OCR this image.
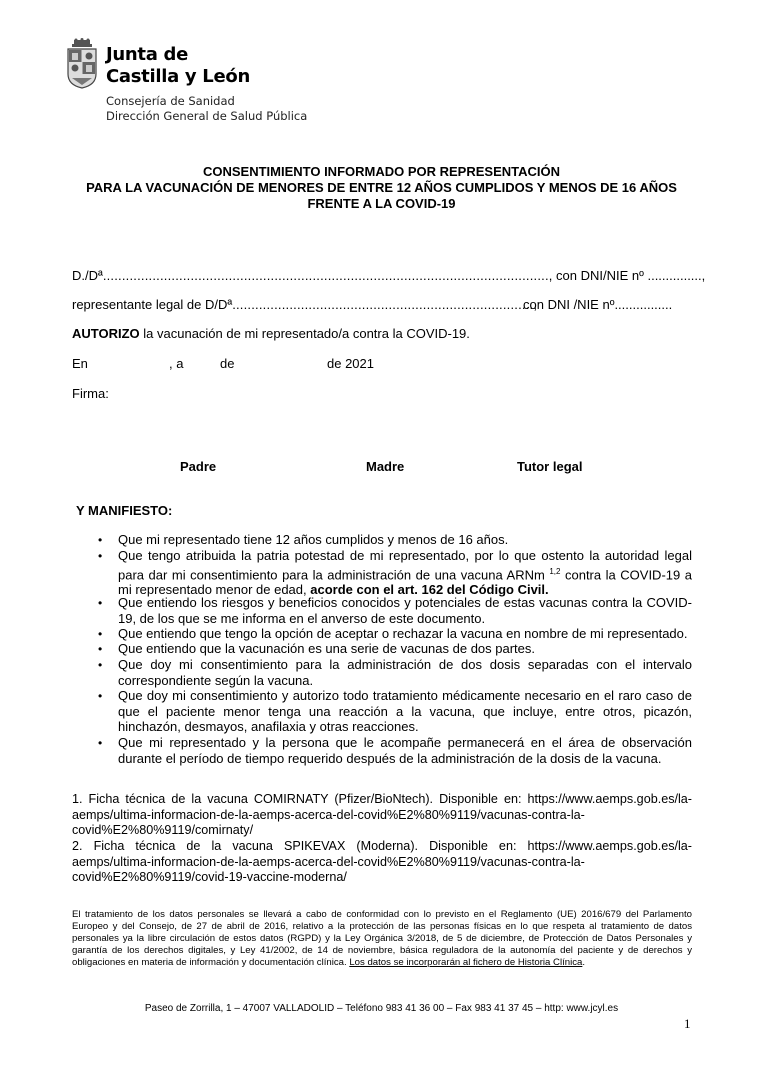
Junta de
Castilla y León
Consejería de Sanidad
Dirección General de Salud Pública
CONSENTIMIENTO INFORMADO POR REPRESENTACIÓN
PARA LA VACUNACIÓN DE MENORES DE ENTRE 12 AÑOS CUMPLIDOS Y MENOS DE 16 AÑOS
FRENTE A LA COVID-19
D./Dª....................................................................................................................., con DNI/NIE nº ...............,
representante legal de D/Dª...............................................................................,
con DNI /NIE nº................
AUTORIZO la vacunación de mi representado/a contra la COVID-19.
En	, a	de	de 2021
Firma:
Padre	Madre	Tutor legal
Y MANIFIESTO:
• Que mi representado tiene 12 años cumplidos y menos de 16 años.
• Que tengo atribuida la patria potestad de mi representado, por lo que ostento la autoridad legal para dar mi consentimiento para la administración de una vacuna ARNm $^{1,2}$ contra la COVID-19 a mi representado menor de edad, acorde con el art. 162 del Código Civil.
• Que entiendo los riesgos y beneficios conocidos y potenciales de estas vacunas contra la COVID-19, de los que se me informa en el anverso de este documento.
• Que entiendo que tengo la opción de aceptar o rechazar la vacuna en nombre de mi representado.
• Que entiendo que la vacunación es una serie de vacunas de dos partes.
• Que doy mi consentimiento para la administración de dos dosis separadas con el intervalo correspondiente según la vacuna.
• Que doy mi consentimiento y autorizo todo tratamiento médicamente necesario en el raro caso de que el paciente menor tenga una reacción a la vacuna, que incluye, entre otros, picazón, hinchazón, desmayos, anafilaxia y otras reacciones.
• Que mi representado y la persona que le acompañe permanecerá en el área de observación durante el período de tiempo requerido después de la administración de la dosis de la vacuna.
1. Ficha técnica de la vacuna COMIRNATY (Pfizer/BioNtech). Disponible en: https://www.aemps.gob.es/la-aemps/ultima-informacion-de-la-aemps-acerca-del-covid%E2%80%9119/vacunas-contra-la-covid%E2%80%9119/comirnaty/
2. Ficha técnica de la vacuna SPIKEVAX (Moderna). Disponible en: https://www.aemps.gob.es/la-aemps/ultima-informacion-de-la-aemps-acerca-del-covid%E2%80%9119/vacunas-contra-la-covid%E2%80%9119/covid-19-vaccine-moderna/
El tratamiento de los datos personales se llevará a cabo de conformidad con lo previsto en el Reglamento (UE) 2016/679 del Parlamento Europeo y del Consejo, de 27 de abril de 2016, relativo a la protección de las personas físicas en lo que respeta al tratamiento de datos personales ya la libre circulación de estos datos (RGPD) y la Ley Orgánica 3/2018, de 5 de diciembre, de Protección de Datos Personales y garantía de los derechos digitales, y Ley 41/2002, de 14 de noviembre, básica reguladora de la autonomía del paciente y de derechos y obligaciones en materia de información y documentación clínica. Los datos se incorporarán al fichero de Historia Clínica.
Paseo de Zorrilla, 1 – 47007 VALLADOLID – Teléfono 983 41 36 00 – Fax 983 41 37 45 – http: www.jcyl.es
1
